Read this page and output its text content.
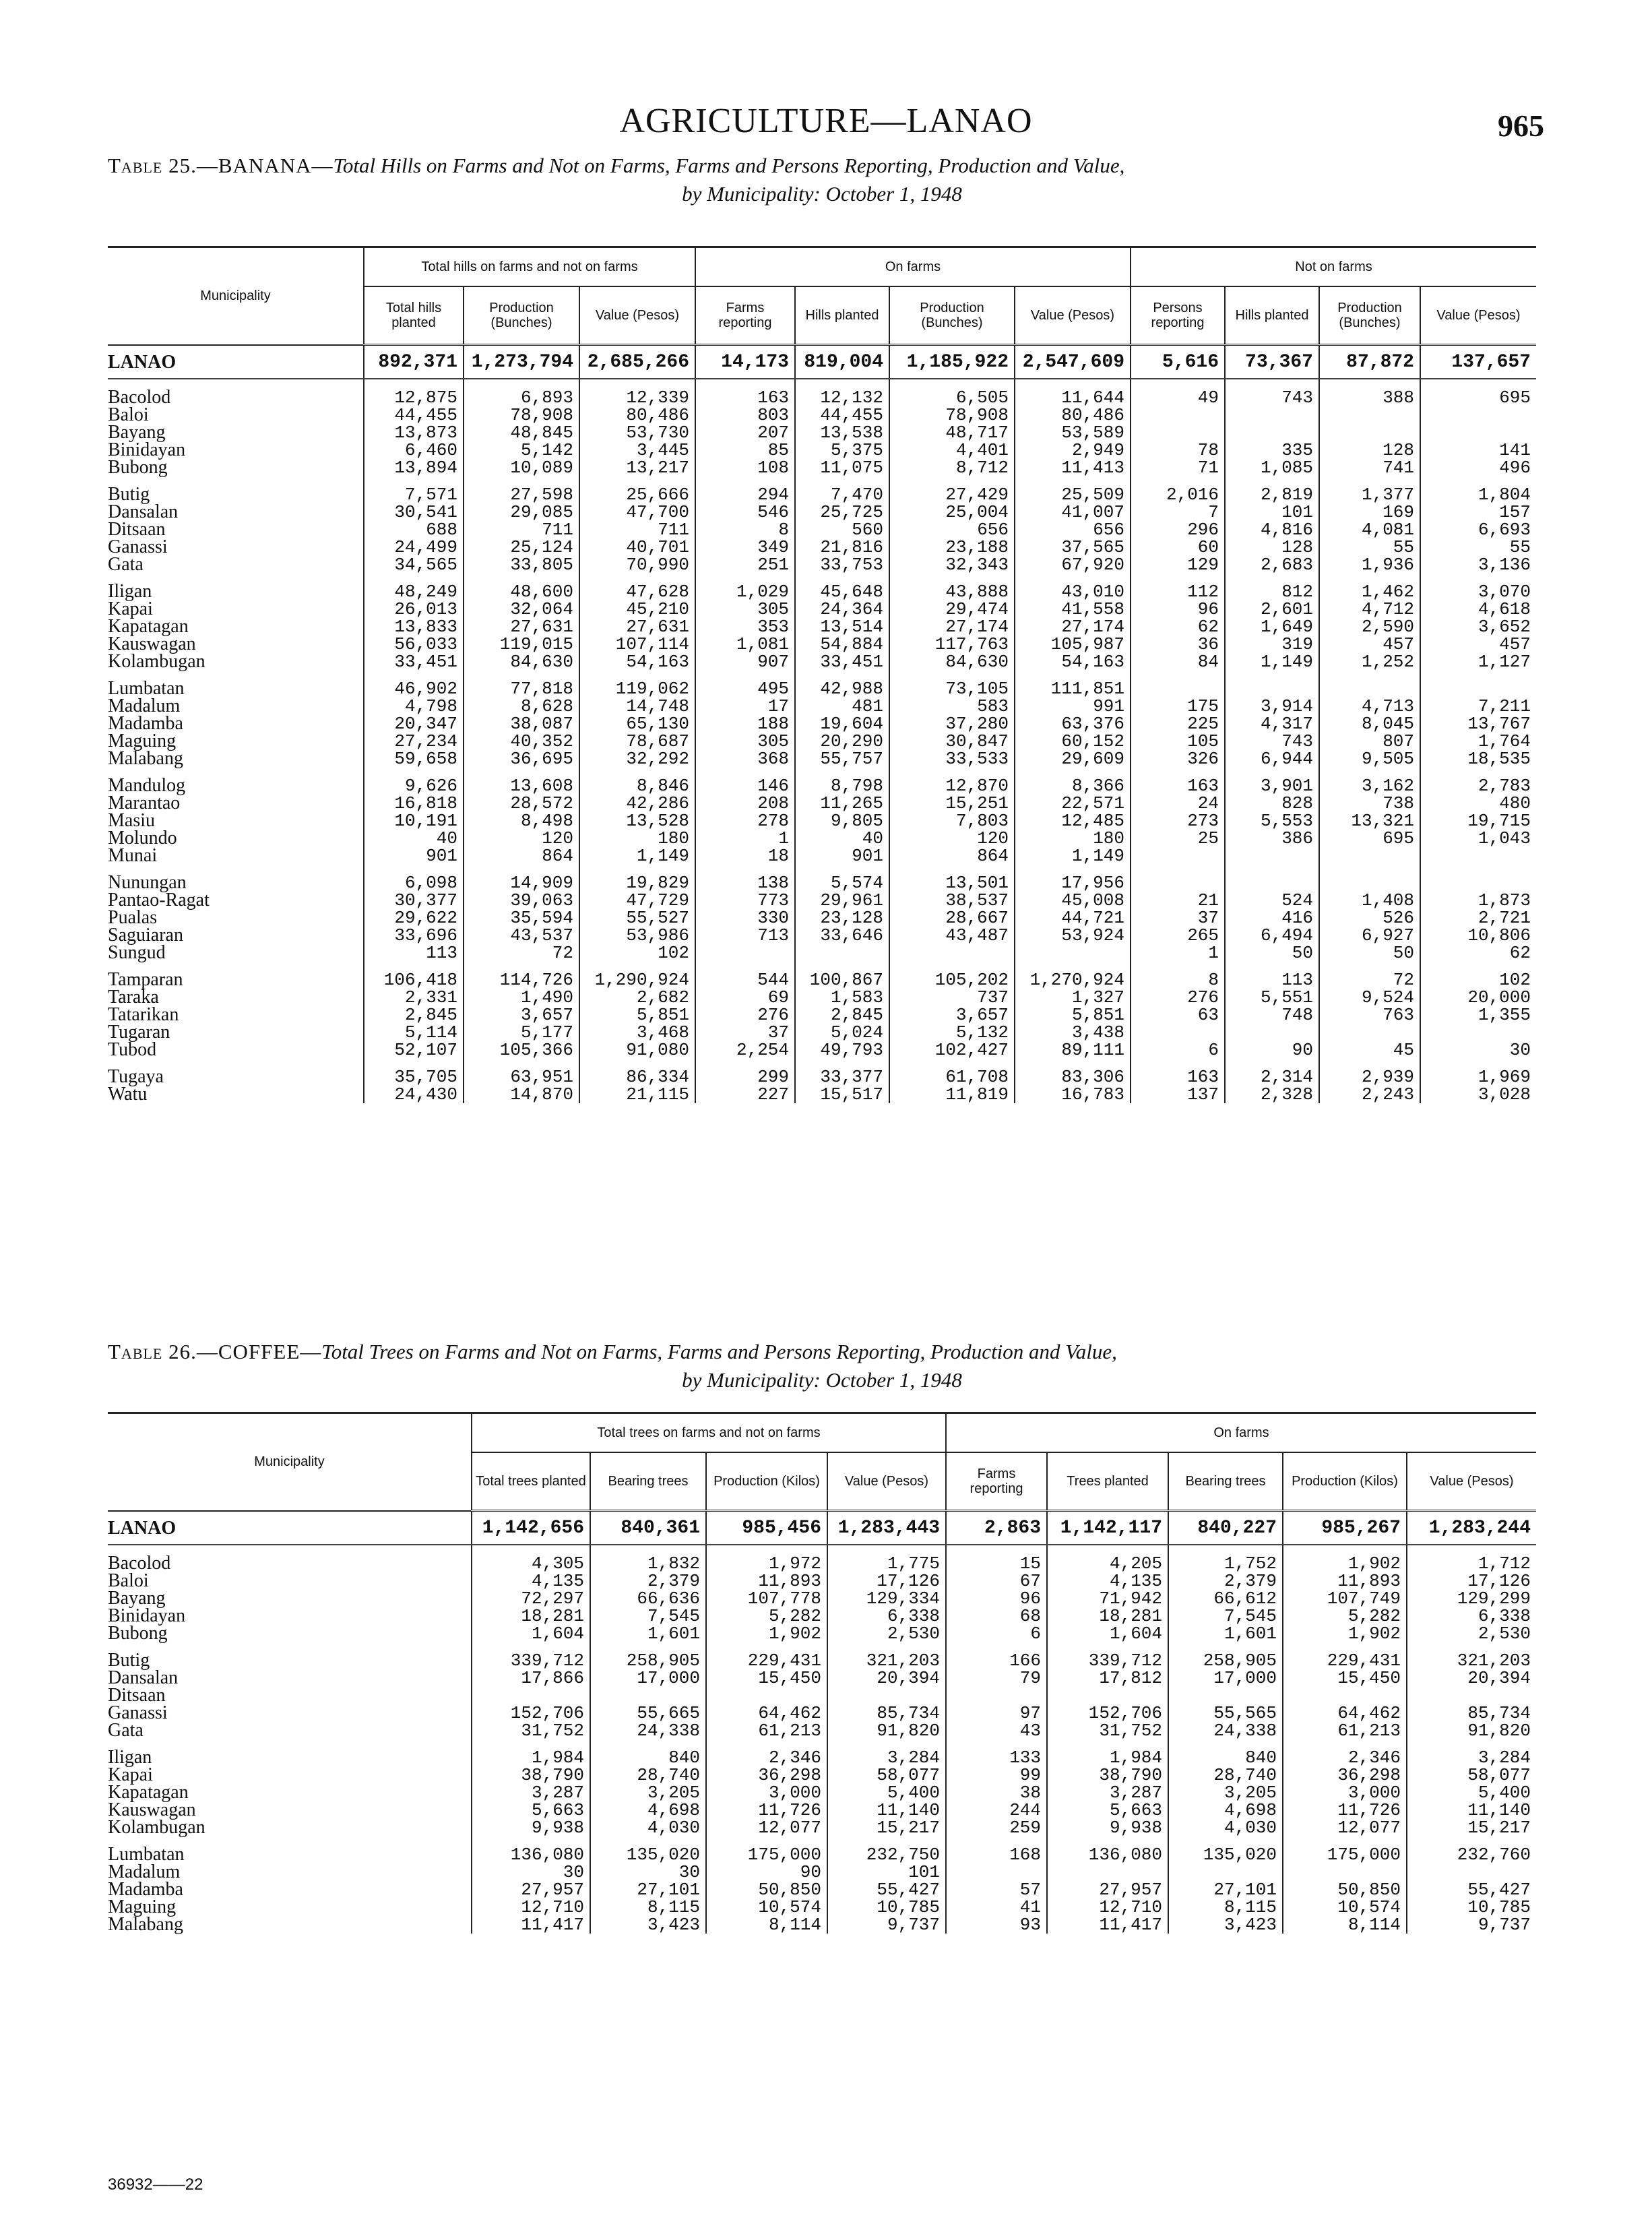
AGRICULTURE—LANAO	965
Table 25.—BANANA—Total Hills on Farms and Not on Farms, Farms and Persons Reporting, Production and Value,
by Municipality: October 1, 1948
Municipality	Total hills on farms and not on farms			On farms				Not on farms			
	Total hills planted	Production (Bunches)	Value (Pesos)	Farms reporting	Hills planted	Production (Bunches)	Value (Pesos)	Persons reporting	Hills planted	Production (Bunches)	Value (Pesos)
LANAO	892,371	1,273,794	2,685,266	14,173	819,004	1,185,922	2,547,609	5,616	73,367	87,872	137,657
Bacolod	12,875	6,893	12,339	163	12,132	6,505	11,644	49	743	388	695
Baloi	44,455	78,908	80,486	803	44,455	78,908	80,486				
Bayang	13,873	48,845	53,730	207	13,538	48,717	53,589				
Binidayan	6,460	5,142	3,445	85	5,375	4,401	2,949	78	335	128	141
Bubong	13,894	10,089	13,217	108	11,075	8,712	11,413	71	1,085	741	496
Butig	7,571	27,598	25,666	294	7,470	27,429	25,509	2,016	2,819	1,377	1,804
Dansalan	30,541	29,085	47,700	546	25,725	25,004	41,007	7	101	169	157
Ditsaan	688	711	711	8	560	656	656	296	4,816	4,081	6,693
Ganassi	24,499	25,124	40,701	349	21,816	23,188	37,565	60	128	55	55
Gata	34,565	33,805	70,990	251	33,753	32,343	67,920	129	2,683	1,936	3,136
Iligan	48,249	48,600	47,628	1,029	45,648	43,888	43,010	112	812	1,462	3,070
Kapai	26,013	32,064	45,210	305	24,364	29,474	41,558	96	2,601	4,712	4,618
Kapatagan	13,833	27,631	27,631	353	13,514	27,174	27,174	62	1,649	2,590	3,652
Kauswagan	56,033	119,015	107,114	1,081	54,884	117,763	105,987	36	319	457	457
Kolambugan	33,451	84,630	54,163	907	33,451	84,630	54,163	84	1,149	1,252	1,127
Lumbatan	46,902	77,818	119,062	495	42,988	73,105	111,851				
Madalum	4,798	8,628	14,748	17	481	583	991	175	3,914	4,713	7,211
Madamba	20,347	38,087	65,130	188	19,604	37,280	63,376	225	4,317	8,045	13,767
Maguing	27,234	40,352	78,687	305	20,290	30,847	60,152	105	743	807	1,764
Malabang	59,658	36,695	32,292	368	55,757	33,533	29,609	326	6,944	9,505	18,535
Mandulog	9,626	13,608	8,846	146	8,798	12,870	8,366	163	3,901	3,162	2,783
Marantao	16,818	28,572	42,286	208	11,265	15,251	22,571	24	828	738	480
Masiu	10,191	8,498	13,528	278	9,805	7,803	12,485	273	5,553	13,321	19,715
Molundo	40	120	180	1	40	120	180	25	386	695	1,043
Munai	901	864	1,149	18	901	864	1,149				
Nunungan	6,098	14,909	19,829	138	5,574	13,501	17,956				
Pantao-Ragat	30,377	39,063	47,729	773	29,961	38,537	45,008	21	524	1,408	1,873
Pualas	29,622	35,594	55,527	330	23,128	28,667	44,721	37	416	526	2,721
Saguiaran	33,696	43,537	53,986	713	33,646	43,487	53,924	265	6,494	6,927	10,806
Sungud	113	72	102					1	50	50	62
Tamparan	106,418	114,726	1,290,924	544	100,867	105,202	1,270,924	8	113	72	102
Taraka	2,331	1,490	2,682	69	1,583	737	1,327	276	5,551	9,524	20,000
Tatarikan	2,845	3,657	5,851	276	2,845	3,657	5,851	63	748	763	1,355
Tugaran	5,114	5,177	3,468	37	5,024	5,132	3,438				
Tubod	52,107	105,366	91,080	2,254	49,793	102,427	89,111	6	90	45	30
Tugaya	35,705	63,951	86,334	299	33,377	61,708	83,306	163	2,314	2,939	1,969
Watu	24,430	14,870	21,115	227	15,517	11,819	16,783	137	2,328	2,243	3,028
Table 26.—COFFEE—Total Trees on Farms and Not on Farms, Farms and Persons Reporting, Production and Value,
by Municipality: October 1, 1948
Municipality	Total trees on farms and not on farms				On farms				
	Total trees planted	Bearing trees	Production (Kilos)	Value (Pesos)	Farms reporting	Trees planted	Bearing trees	Production (Kilos)	Value (Pesos)
LANAO	1,142,656	840,361	985,456	1,283,443	2,863	1,142,117	840,227	985,267	1,283,244
Bacolod	4,305	1,832	1,972	1,775	15	4,205	1,752	1,902	1,712
Baloi	4,135	2,379	11,893	17,126	67	4,135	2,379	11,893	17,126
Bayang	72,297	66,636	107,778	129,334	96	71,942	66,612	107,749	129,299
Binidayan	18,281	7,545	5,282	6,338	68	18,281	7,545	5,282	6,338
Bubong	1,604	1,601	1,902	2,530	6	1,604	1,601	1,902	2,530
Butig	339,712	258,905	229,431	321,203	166	339,712	258,905	229,431	321,203
Dansalan	17,866	17,000	15,450	20,394	79	17,812	17,000	15,450	20,394
Ditsaan									
Ganassi	152,706	55,665	64,462	85,734	97	152,706	55,565	64,462	85,734
Gata	31,752	24,338	61,213	91,820	43	31,752	24,338	61,213	91,820
Iligan	1,984	840	2,346	3,284	133	1,984	840	2,346	3,284
Kapai	38,790	28,740	36,298	58,077	99	38,790	28,740	36,298	58,077
Kapatagan	3,287	3,205	3,000	5,400	38	3,287	3,205	3,000	5,400
Kauswagan	5,663	4,698	11,726	11,140	244	5,663	4,698	11,726	11,140
Kolambugan	9,938	4,030	12,077	15,217	259	9,938	4,030	12,077	15,217
Lumbatan	136,080	135,020	175,000	232,750	168	136,080	135,020	175,000	232,760
Madalum	30	30	90	101					
Madamba	27,957	27,101	50,850	55,427	57	27,957	27,101	50,850	55,427
Maguing	12,710	8,115	10,574	10,785	41	12,710	8,115	10,574	10,785
Malabang	11,417	3,423	8,114	9,737	93	11,417	3,423	8,114	9,737
36932——22
